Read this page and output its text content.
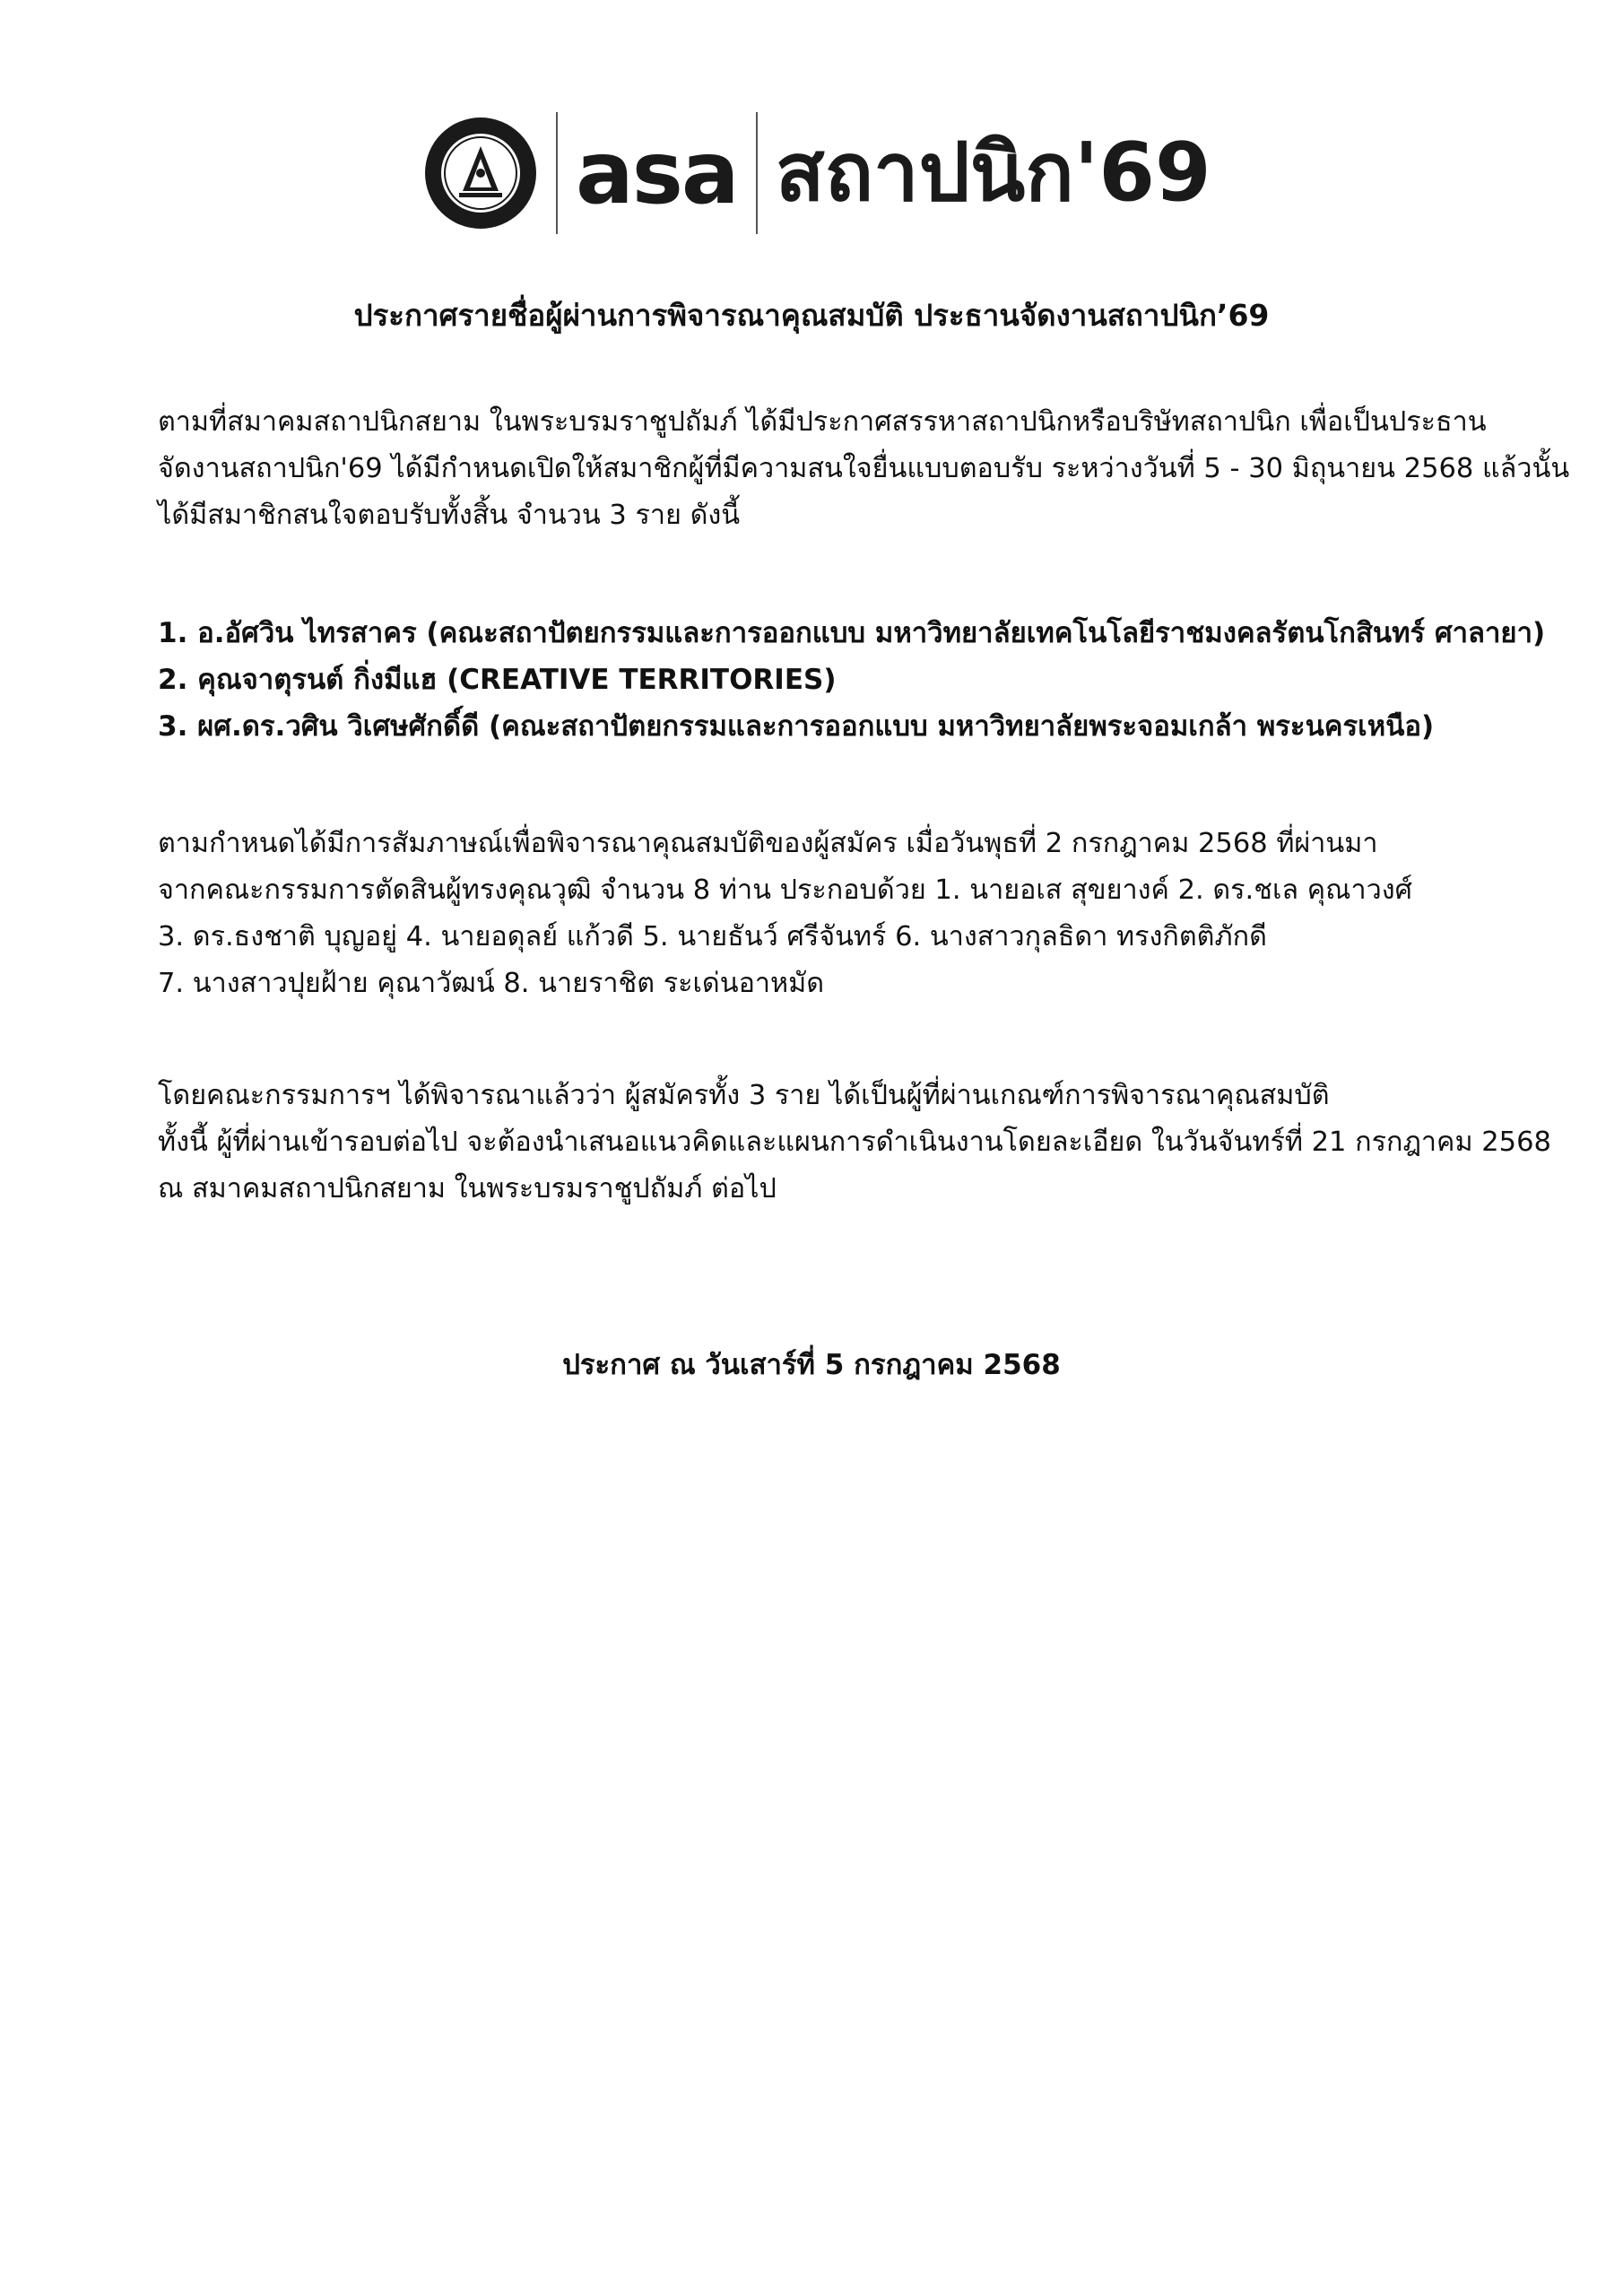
asa สถาปนิก'69
ประกาศรายชื่อผู้ผ่านการพิจารณาคุณสมบัติ ประธานจัดงานสถาปนิก’69
ตามที่สมาคมสถาปนิกสยาม ในพระบรมราชูปถัมภ์ ได้มีประกาศสรรหาสถาปนิกหรือบริษัทสถาปนิก เพื่อเป็นประธาน
จัดงานสถาปนิก'69 ได้มีกำหนดเปิดให้สมาชิกผู้ที่มีความสนใจยื่นแบบตอบรับ ระหว่างวันที่ 5 - 30 มิถุนายน 2568 แล้วนั้น
ได้มีสมาชิกสนใจตอบรับทั้งสิ้น จำนวน 3 ราย ดังนี้
1. อ.อัศวิน ไทรสาคร (คณะสถาปัตยกรรมและการออกแบบ มหาวิทยาลัยเทคโนโลยีราชมงคลรัตนโกสินทร์ ศาลายา)
2. คุณจาตุรนต์ กิ่งมีแฮ (CREATIVE TERRITORIES)
3. ผศ.ดร.วศิน วิเศษศักดิ์ดี (คณะสถาปัตยกรรมและการออกแบบ มหาวิทยาลัยพระจอมเกล้า พระนครเหนือ)
ตามกำหนดได้มีการสัมภาษณ์เพื่อพิจารณาคุณสมบัติของผู้สมัคร เมื่อวันพุธที่ 2 กรกฎาคม 2568 ที่ผ่านมา
จากคณะกรรมการตัดสินผู้ทรงคุณวุฒิ จำนวน 8 ท่าน ประกอบด้วย 1. นายอเส สุขยางค์ 2. ดร.ชเล คุณาวงศ์
3. ดร.ธงชาติ บุญอยู่ 4. นายอดุลย์ แก้วดี 5. นายธันว์ ศรีจันทร์ 6. นางสาวกุลธิดา ทรงกิตติภักดี
7. นางสาวปุยฝ้าย คุณาวัฒน์ 8. นายราชิต ระเด่นอาหมัด
โดยคณะกรรมการฯ ได้พิจารณาแล้วว่า ผู้สมัครทั้ง 3 ราย ได้เป็นผู้ที่ผ่านเกณฑ์การพิจารณาคุณสมบัติ
ทั้งนี้ ผู้ที่ผ่านเข้ารอบต่อไป จะต้องนำเสนอแนวคิดและแผนการดำเนินงานโดยละเอียด ในวันจันทร์ที่ 21 กรกฎาคม 2568
ณ สมาคมสถาปนิกสยาม ในพระบรมราชูปถัมภ์ ต่อไป
ประกาศ ณ วันเสาร์ที่ 5 กรกฎาคม 2568
